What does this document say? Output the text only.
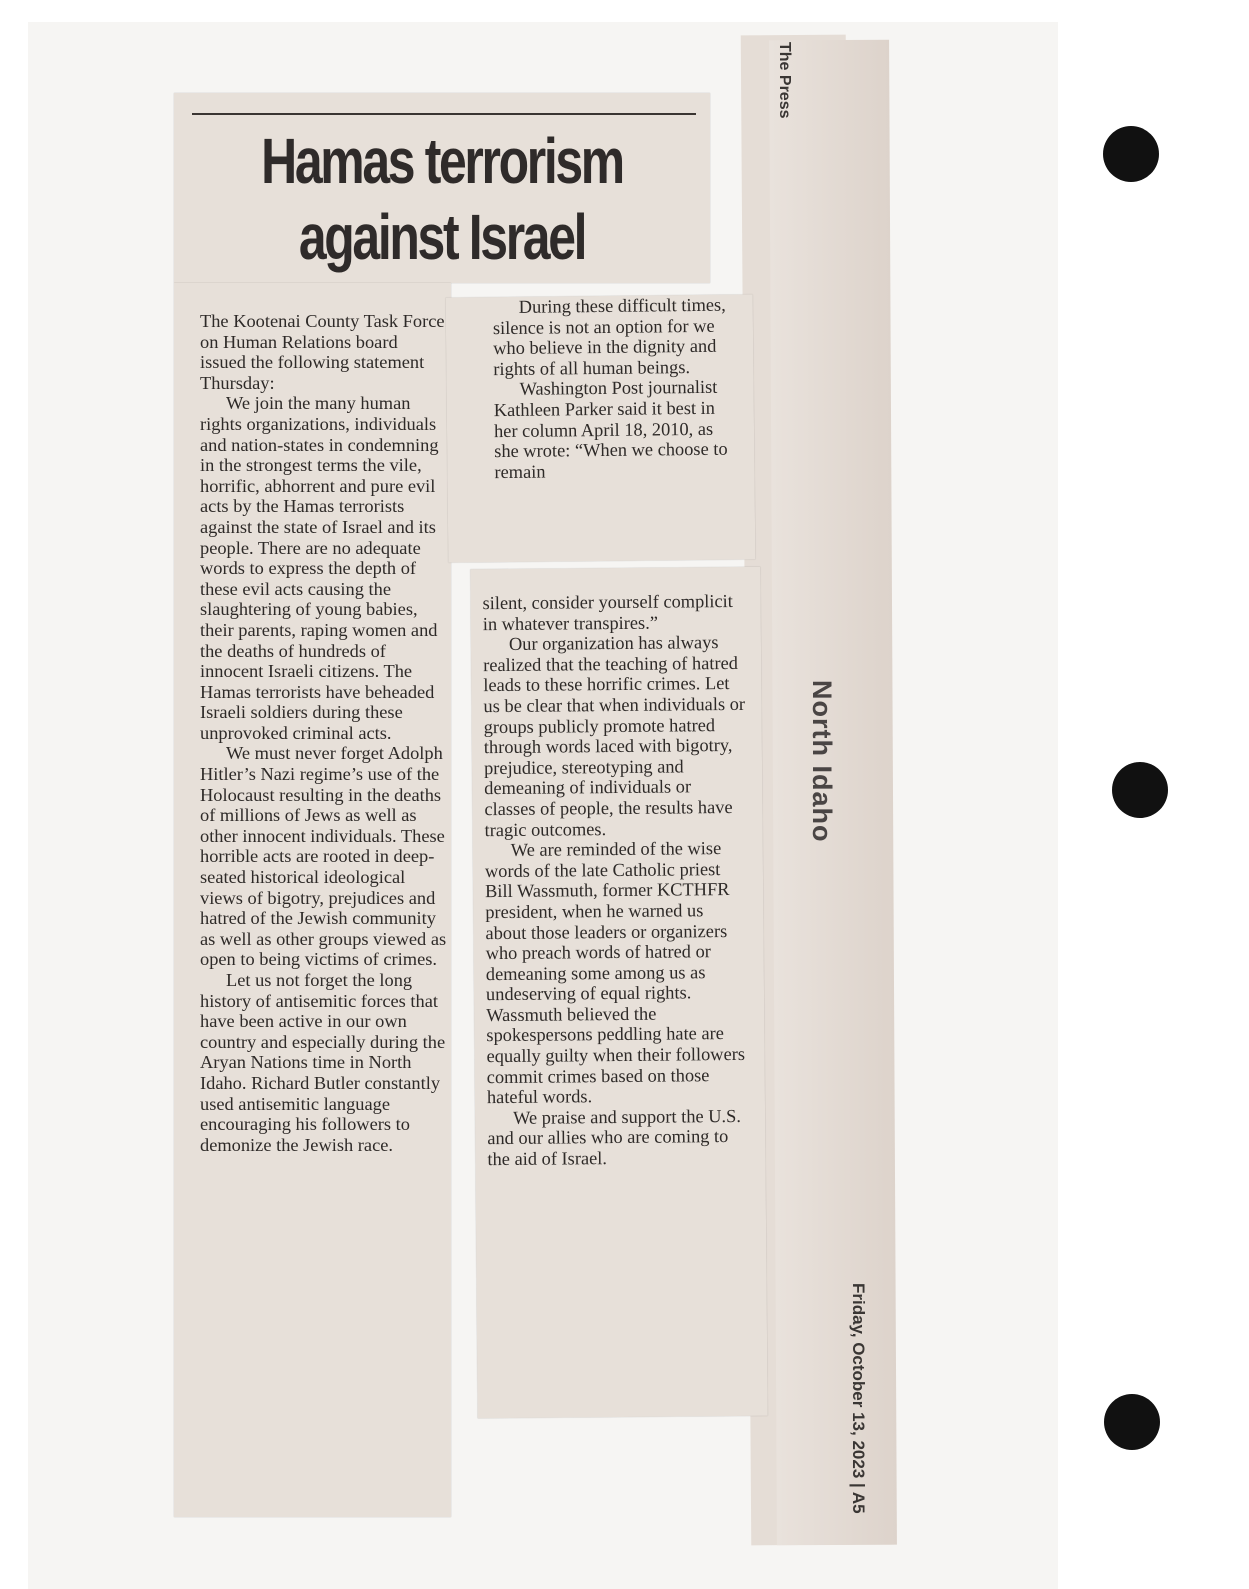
The Press
North Idaho
Friday, October 13, 2023 | A5
Hamas terrorism against Israel

The Kootenai County Task Force on Human Relations board issued the following statement Thursday:

We join the many human rights organizations, individuals and nation-states in condemning in the strongest terms the vile, horrific, abhorrent and pure evil acts by the Hamas terrorists against the state of Israel and its people. There are no adequate words to express the depth of these evil acts causing the slaughtering of young babies, their parents, raping women and the deaths of hundreds of innocent Israeli citizens. The Hamas terrorists have beheaded Israeli soldiers during these unprovoked criminal acts.

We must never forget Adolph Hitler’s Nazi regime’s use of the Holocaust resulting in the deaths of millions of Jews as well as other innocent individuals. These horrible acts are rooted in deep-seated historical ideological views of bigotry, prejudices and hatred of the Jewish community as well as other groups viewed as open to being victims of crimes.

Let us not forget the long history of antisemitic forces that have been active in our own country and especially during the Aryan Nations time in North Idaho. Richard Butler constantly used antisemitic language encouraging his followers to demonize the Jewish race.

During these difficult times, silence is not an option for we who believe in the dignity and rights of all human beings.

Washington Post journalist Kathleen Parker said it best in her column April 18, 2010, as she wrote: “When we choose to remain

silent, consider yourself complicit in whatever transpires.”

Our organization has always realized that the teaching of hatred leads to these horrific crimes. Let us be clear that when individuals or groups publicly promote hatred through words laced with bigotry, prejudice, stereotyping and demeaning of individuals or classes of people, the results have tragic outcomes.

We are reminded of the wise words of the late Catholic priest Bill Wassmuth, former KCTHFR president, when he warned us about those leaders or organizers who preach words of hatred or demeaning some among us as undeserving of equal rights. Wassmuth believed the spokespersons peddling hate are equally guilty when their followers commit crimes based on those hateful words.

We praise and support the U.S. and our allies who are coming to the aid of Israel.
